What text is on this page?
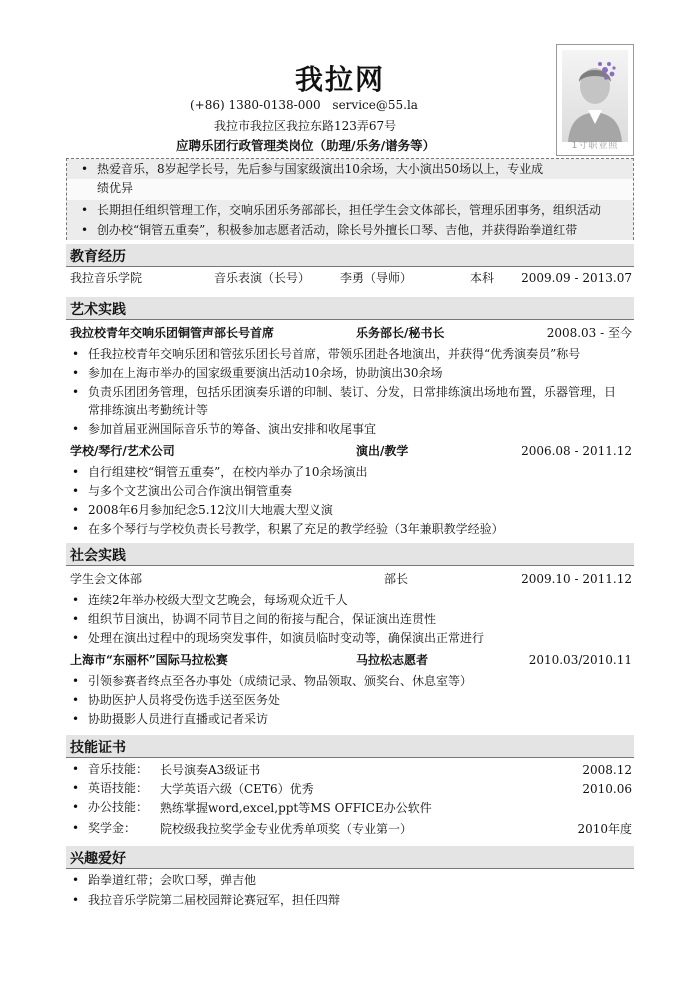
我拉网
(+86) 1380-0138-000 service@55.la
我拉市我拉区我拉东路123弄67号
应聘乐团行政管理类岗位（助理/乐务/谱务等）	1寸职业照
• 热爱音乐，8岁起学长号，先后参与国家级演出10余场，大小演出50场以上，专业成
绩优异
• 长期担任组织管理工作，交响乐团乐务部部长，担任学生会文体部长，管理乐团事务，组织活动
• 创办校“铜管五重奏”，积极参加志愿者活动，除长号外擅长口琴、吉他，并获得跆拳道红带
教育经历
我拉音乐学院	音乐表演（长号） 李勇（导师）	本科	2009.09 - 2013.07
艺术实践
我拉校青年交响乐团铜管声部长号首席	乐务部长/秘书长	2008.03 - 至今
• 任我拉校青年交响乐团和管弦乐团长号首席，带领乐团赴各地演出，并获得“优秀演奏员”称号
• 参加在上海市举办的国家级重要演出活动10余场，协助演出30余场
• 负责乐团团务管理，包括乐团演奏乐谱的印制、装订、分发，日常排练演出场地布置，乐器管理，日
常排练演出考勤统计等
• 参加首届亚洲国际音乐节的筹备、演出安排和收尾事宜
学校/琴行/艺术公司	演出/教学	2006.08 - 2011.12
• 自行组建校“铜管五重奏”，在校内举办了10余场演出
• 与多个文艺演出公司合作演出铜管重奏
• 2008年6月参加纪念5.12汶川大地震大型义演
• 在多个琴行与学校负责长号教学，积累了充足的教学经验（3年兼职教学经验）
社会实践
学生会文体部	部长	2009.10 - 2011.12
• 连续2年举办校级大型文艺晚会，每场观众近千人
• 组织节目演出，协调不同节目之间的衔接与配合，保证演出连贯性
• 处理在演出过程中的现场突发事件，如演员临时变动等，确保演出正常进行
上海市“东丽杯”国际马拉松赛	马拉松志愿者	2010.03/2010.11
• 引领参赛者终点至各办事处（成绩记录、物品领取、颁奖台、休息室等）
• 协助医护人员将受伤选手送至医务处
• 协助摄影人员进行直播或记者采访
技能证书
• 音乐技能： 长号演奏A3级证书	2008.12
• 英语技能： 大学英语六级（CET6）优秀	2010.06
• 办公技能： 熟练掌握word,excel,ppt等MS OFFICE办公软件
• 奖学金： 院校级我拉奖学金专业优秀单项奖（专业第一）	2010年度
兴趣爱好
• 跆拳道红带；会吹口琴，弹吉他
• 我拉音乐学院第二届校园辩论赛冠军，担任四辩
